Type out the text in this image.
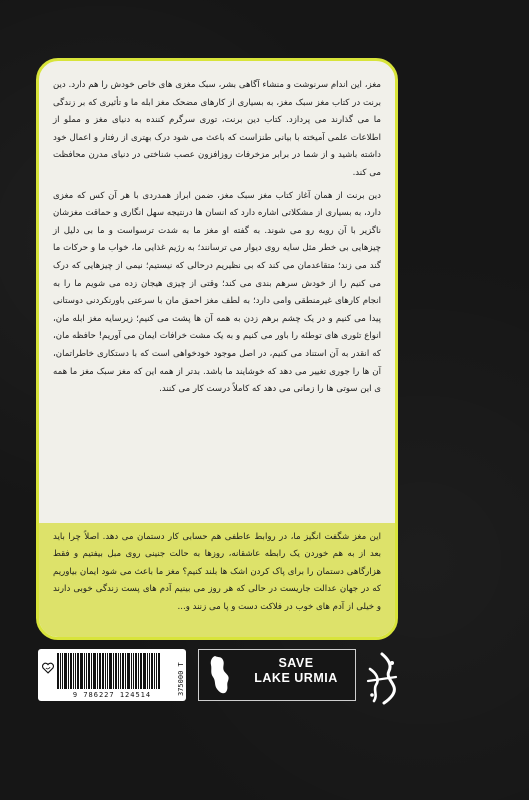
مغز، این اندام سرنوشت و منشاء آگاهی بشر، سبک مغزی های خاص خودش را هم دارد. دین برنت در کتاب مغز سبک مغز، به بسیاری از کارهای مضحک مغز ابله ما و تأثیری که بر زندگی ما می گذارند می پردازد. کتاب دین برنت، توری سرگرم کننده به دنیای مغز و مملو از اطلاعات علمی آمیخته با بیانی طنزاست که باعث می شود درک بهتری از رفتار و اعمال خود داشته باشید و از شما در برابر مزخرفات روزافزون عصب شناختی در دنیای مدرن محافظت می کند.

دین برنت از همان آغاز کتاب مغز سبک مغز، ضمن ابراز همدردی با هر آن کس که مغزی دارد، به بسیاری از مشکلاتی اشاره دارد که انسان ها درنتیجه سهل انگاری و حماقت مغزشان ناگزیر با آن روبه رو می شوند. به گفته او مغز ما به شدت ترسواست و ما بی دلیل از چیزهایی بی خطر مثل سایه روی دیوار می ترسانند؛ به رژیم غذایی ما، خواب ما و حرکات ما گند می زند؛ متقاعدمان می کند که بی نظیریم درحالی که نیستیم؛ نیمی از چیزهایی که درک می کنیم را از خودش سرهم بندی می کند؛ وقتی از چیزی هیجان زده می شویم ما را به انجام کارهای غیرمنطقی وامی دارد؛ به لطف مغز احمق مان با سرعتی باورنکردنی دوستانی پیدا می کنیم و در یک چشم برهم زدن به همه آن ها پشت می کنیم؛ زیرسایه مغز ابله مان، انواع تئوری های توطئه را باور می کنیم و به یک مشت خرافات ایمان می آوریم! حافظه مان، که انقدر به آن استناد می کنیم، در اصل موجود خودخواهی است که با دستکاری خاطراتمان، آن ها را جوری تغییر می دهد که خوشایند ما باشد. بدتر از همه این که مغز سبک مغز ما همه ی این سوتی ها را زمانی می دهد که کاملاً درست کار می کنند.

این مغز شگفت انگیز ما، در روابط عاطفی هم حسابی کار دستمان می دهد. اصلاً چرا باید بعد از به هم خوردن یک رابطه عاشقانه، روزها به حالت جنینی روی مبل بیفتیم و فقط هزارگاهی دستمان را برای پاک کردن اشک ها بلند کنیم؟ مغز ما باعث می شود ایمان بیاوریم که در جهان عدالت جاریست در حالی که هر روز می بینیم آدم های پست زندگی خوبی دارند و خیلی از آدم های خوب در فلاکت دست و پا می زنند و...

9 786227 124514	375000 T	SAVE
LAKE URMIA
